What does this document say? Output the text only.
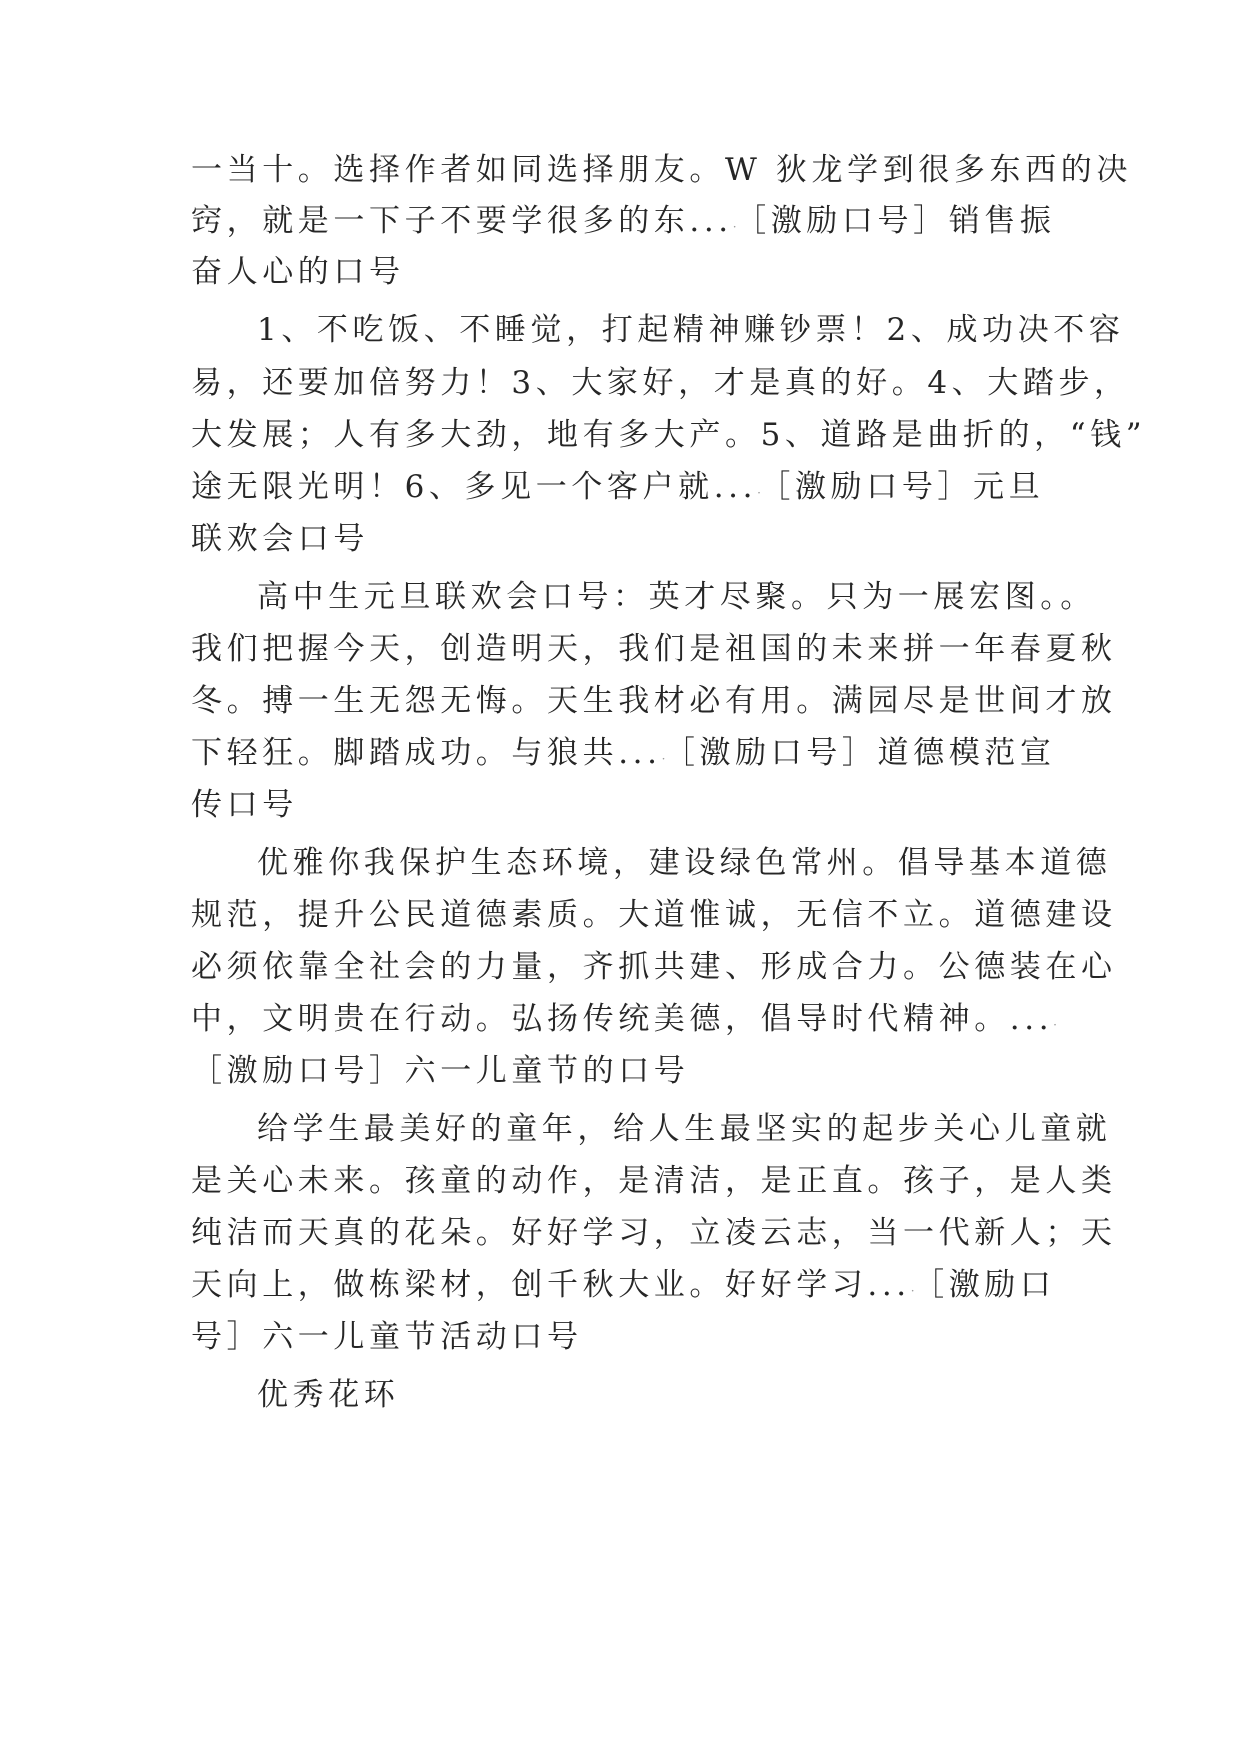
一当十。选择作者如同选择朋友。W 狄龙学到很多东西的决
窍，就是一下子不要学很多的东...· ［激励口号］销售振
奋人心的口号
1、不吃饭、不睡觉，打起精神赚钞票！2、成功决不容
易，还要加倍努力！3、大家好，才是真的好。4、大踏步，
大发展；人有多大劲，地有多大产。5、道路是曲折的，“钱”
途无限光明！6、多见一个客户就...· ［激励口号］元旦
联欢会口号
高中生元旦联欢会口号：英才尽聚。只为一展宏图。。
我们把握今天，创造明天，我们是祖国的未来拼一年春夏秋
冬。搏一生无怨无悔。天生我材必有用。满园尽是世间才放
下轻狂。脚踏成功。与狼共...· ［激励口号］道德模范宣
传口号
优雅你我保护生态环境，建设绿色常州。倡导基本道德
规范，提升公民道德素质。大道惟诚，无信不立。道德建设
必须依靠全社会的力量，齐抓共建、形成合力。公德装在心
中，文明贵在行动。弘扬传统美德，倡导时代精神。...·
［激励口号］六一儿童节的口号
给学生最美好的童年，给人生最坚实的起步关心儿童就
是关心未来。孩童的动作，是清洁，是正直。孩子，是人类
纯洁而天真的花朵。好好学习，立凌云志，当一代新人；天
天向上，做栋梁材，创千秋大业。好好学习...· ［激励口
号］六一儿童节活动口号
优秀花环
